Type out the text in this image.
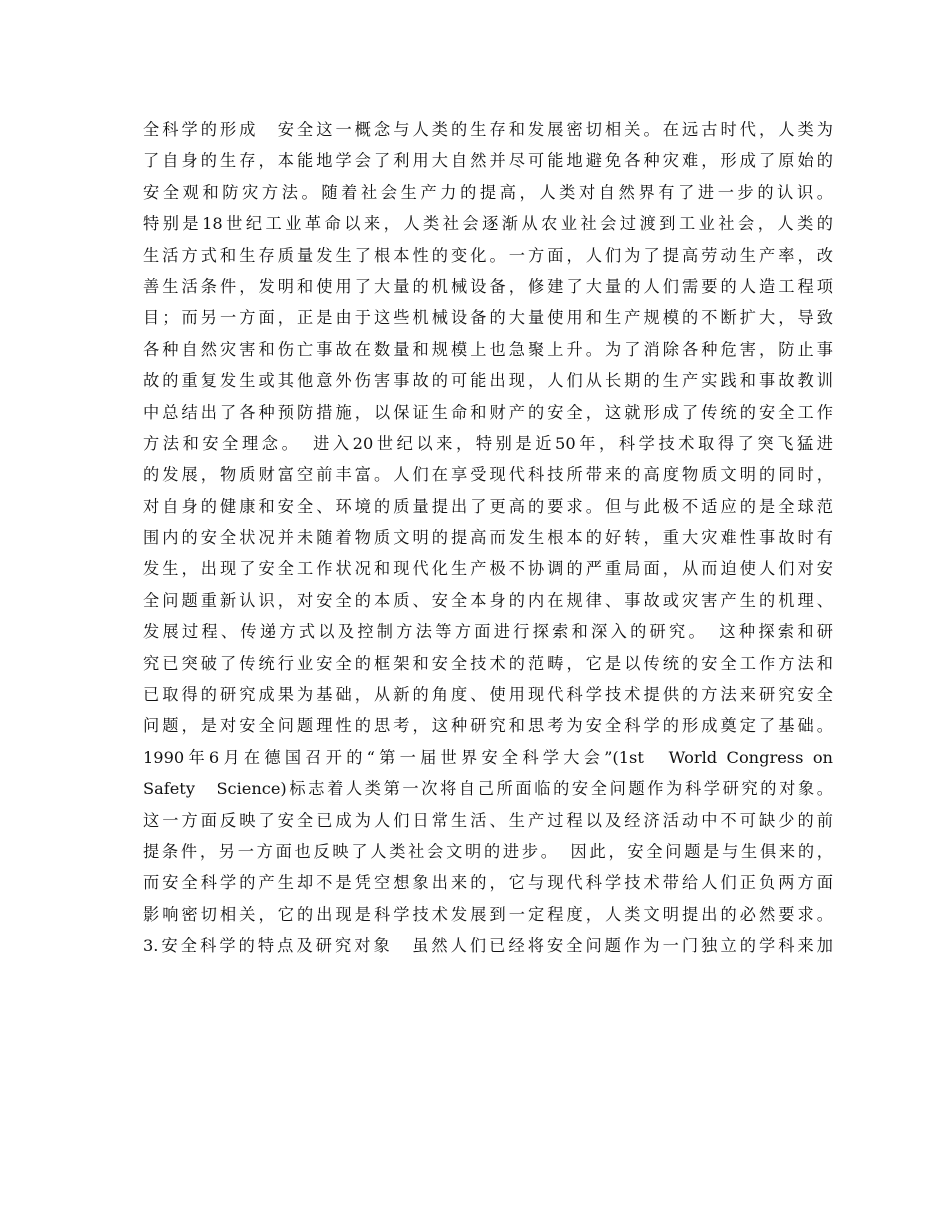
全科学的形成　安全这一概念与人类的生存和发展密切相关。在远古时代，人类为
了自身的生存，本能地学会了利用大自然并尽可能地避免各种灾难，形成了原始的
安全观和防灾方法。随着社会生产力的提高，人类对自然界有了进一步的认识。
特别是18世纪工业革命以来，人类社会逐渐从农业社会过渡到工业社会，人类的
生活方式和生存质量发生了根本性的变化。一方面，人们为了提高劳动生产率，改
善生活条件，发明和使用了大量的机械设备，修建了大量的人们需要的人造工程项
目；而另一方面，正是由于这些机械设备的大量使用和生产规模的不断扩大，导致
各种自然灾害和伤亡事故在数量和规模上也急聚上升。为了消除各种危害，防止事
故的重复发生或其他意外伤害事故的可能出现，人们从长期的生产实践和事故教训
中总结出了各种预防措施，以保证生命和财产的安全，这就形成了传统的安全工作
方法和安全理念。　进入20世纪以来，特别是近50年，科学技术取得了突飞猛进
的发展，物质财富空前丰富。人们在享受现代科技所带来的高度物质文明的同时，
对自身的健康和安全、环境的质量提出了更高的要求。但与此极不适应的是全球范
围内的安全状况并未随着物质文明的提高而发生根本的好转，重大灾难性事故时有
发生，出现了安全工作状况和现代化生产极不协调的严重局面，从而迫使人们对安
全问题重新认识，对安全的本质、安全本身的内在规律、事故或灾害产生的机理、
发展过程、传递方式以及控制方法等方面进行探索和深入的研究。　这种探索和研
究已突破了传统行业安全的框架和安全技术的范畴，它是以传统的安全工作方法和
已取得的研究成果为基础，从新的角度、使用现代科学技术提供的方法来研究安全
问题，是对安全问题理性的思考，这种研究和思考为安全科学的形成奠定了基础。
1990年6月在德国召开的“第一届世界安全科学大会”(1st　World Congress on
Safety　Science)标志着人类第一次将自己所面临的安全问题作为科学研究的对象。
这一方面反映了安全已成为人们日常生活、生产过程以及经济活动中不可缺少的前
提条件，另一方面也反映了人类社会文明的进步。　因此，安全问题是与生俱来的，
而安全科学的产生却不是凭空想象出来的，它与现代科学技术带给人们正负两方面
影响密切相关，它的出现是科学技术发展到一定程度，人类文明提出的必然要求。
3.安全科学的特点及研究对象　虽然人们已经将安全问题作为一门独立的学科来加
